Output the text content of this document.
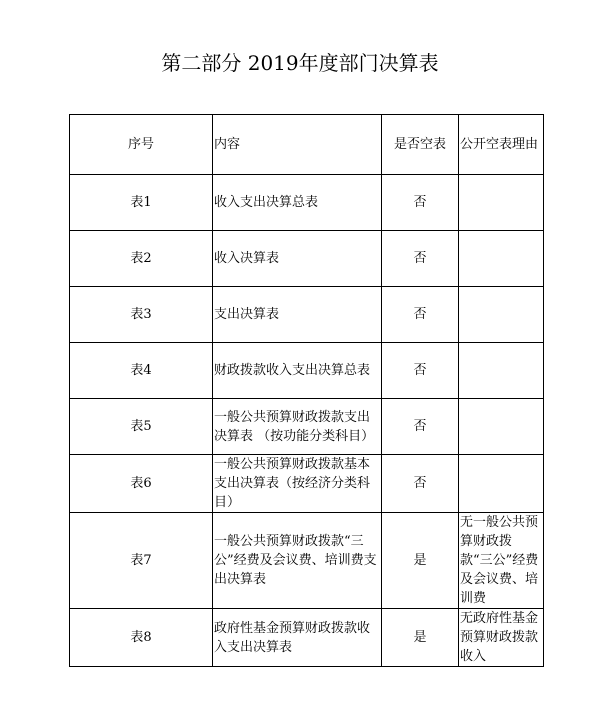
第二部分 2019年度部门决算表
序号	内容	是否空表	公开空表理由
表1	收入支出决算总表	否	
表2	收入决算表	否	
表3	支出决算表	否	
表4	财政拨款收入支出决算总表	否	
表5	一般公共预算财政拨款支出决算表 （按功能分类科目）	否	
表6	一般公共预算财政拨款基本支出决算表（按经济分类科目）	否	
表7	一般公共预算财政拨款“三公”经费及会议费、培训费支出决算表	是	无一般公共预算财政拨款“三公”经费及会议费、培训费
表8	政府性基金预算财政拨款收入支出决算表	是	无政府性基金预算财政拨款收入
